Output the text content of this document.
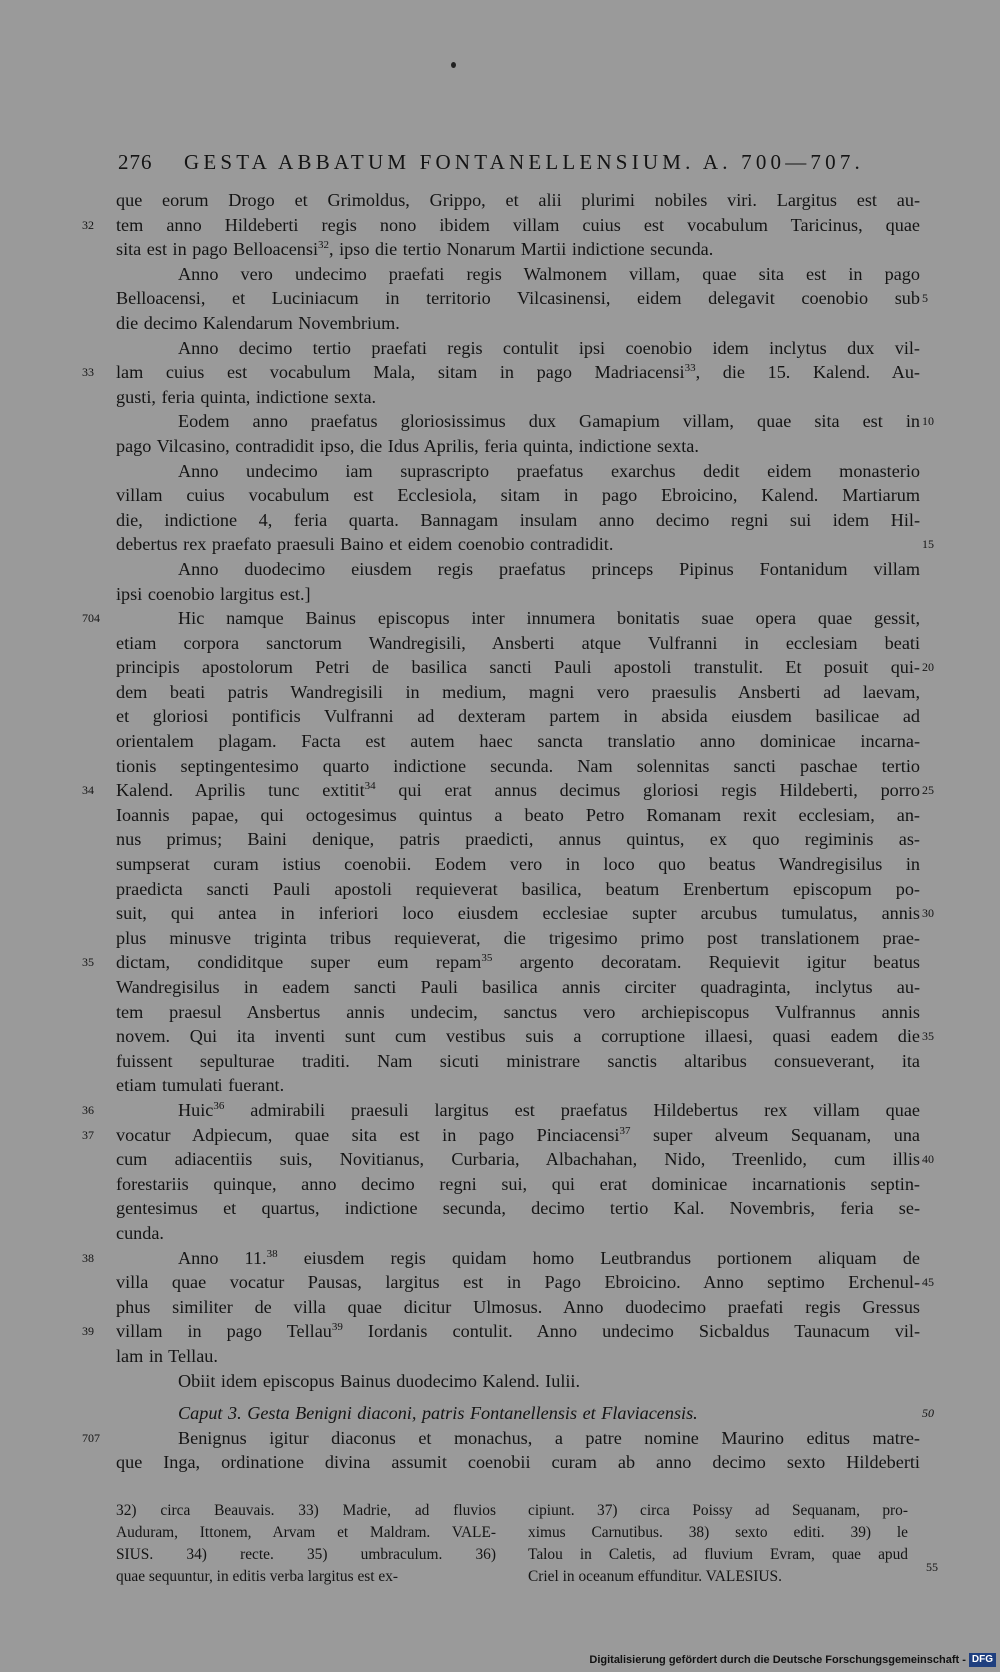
276 GESTA ABBATUM FONTANELLENSIUM. A. 700—707.
que eorum Drogo et Grimoldus, Grippo, et alii plurimi nobiles viri. Largitus est au-
tem anno Hildeberti regis nono ibidem villam cuius est vocabulum Taricinus, quae
32
sita est in pago Belloacensi$^{32}$, ipso die tertio Nonarum Martii indictione secunda.
Anno vero undecimo praefati regis Walmonem villam, quae sita est in pago
Belloacensi, et Luciniacum in territorio Vilcasinensi, eidem delegavit coenobio sub 5
die decimo Kalendarum Novembrium.
Anno decimo tertio praefati regis contulit ipsi coenobio idem inclytus dux vil-
lam cuius est vocabulum Mala, sitam in pago Madriacensi$^{33}$, die 15. Kalend. Au-
33
gusti, feria quinta, indictione sexta.
Eodem anno praefatus gloriosissimus dux Gamapium villam, quae sita est in 10
pago Vilcasino, contradidit ipso, die Idus Aprilis, feria quinta, indictione sexta.
Anno undecimo iam suprascripto praefatus exarchus dedit eidem monasterio
villam cuius vocabulum est Ecclesiola, sitam in pago Ebroicino, Kalend. Martiarum
die, indictione 4, feria quarta. Bannagam insulam anno decimo regni sui idem Hil-
debertus rex praefato praesuli Baino et eidem coenobio contradidit.	15
Anno duodecimo eiusdem regis praefatus princeps Pipinus Fontanidum villam
ipsi coenobio largitus est.]
Hic namque Bainus episcopus inter innumera bonitatis suae opera quae gessit,
704
etiam corpora sanctorum Wandregisili, Ansberti atque Vulfranni in ecclesiam beati
principis apostolorum Petri de basilica sancti Pauli apostoli transtulit. Et posuit qui- 20
dem beati patris Wandregisili in medium, magni vero praesulis Ansberti ad laevam,
et gloriosi pontificis Vulfranni ad dexteram partem in absida eiusdem basilicae ad
orientalem plagam. Facta est autem haec sancta translatio anno dominicae incarna-
tionis septingentesimo quarto indictione secunda. Nam solennitas sancti paschae tertio
Kalend. Aprilis tunc extitit$^{34}$ qui erat annus decimus gloriosi regis Hildeberti, porro
34	25
Ioannis papae, qui octogesimus quintus a beato Petro Romanam rexit ecclesiam, an-
nus primus; Baini denique, patris praedicti, annus quintus, ex quo regiminis as-
sumpserat curam istius coenobii. Eodem vero in loco quo beatus Wandregisilus in
praedicta sancti Pauli apostoli requieverat basilica, beatum Erenbertum episcopum po-
suit, qui antea in inferiori loco eiusdem ecclesiae supter arcubus tumulatus, annis 30
plus minusve triginta tribus requieverat, die trigesimo primo post translationem prae-
dictam, condiditque super eum repam$^{35}$ argento decoratam. Requievit igitur beatus
35
Wandregisilus in eadem sancti Pauli basilica annis circiter quadraginta, inclytus au-
tem praesul Ansbertus annis undecim, sanctus vero archiepiscopus Vulfrannus annis
novem. Qui ita inventi sunt cum vestibus suis a corruptione illaesi, quasi eadem die 35
fuissent sepulturae traditi. Nam sicuti ministrare sanctis altaribus consueverant, ita
etiam tumulati fuerant.
Huic$^{36}$ admirabili praesuli largitus est praefatus Hildebertus rex villam quae
36
vocatur Adpiecum, quae sita est in pago Pinciacensi$^{37}$ super alveum Sequanam, una
37
cum adiacentiis suis, Novitianus, Curbaria, Albachahan, Nido, Treenlido, cum illis 40
forestariis quinque, anno decimo regni sui, qui erat dominicae incarnationis septin-
gentesimus et quartus, indictione secunda, decimo tertio Kal. Novembris, feria se-
cunda.
Anno 11.38 eiusdem regis quidam homo Leutbrandus portionem aliquam de
38
villa quae vocatur Pausas, largitus est in Pago Ebroicino. Anno septimo Erchenul- 45
phus similiter de villa quae dicitur Ulmosus. Anno duodecimo praefati regis Gressus
villam in pago Tellau$^{39}$ Iordanis contulit. Anno undecimo Sicbaldus Taunacum vil-
39
lam in Tellau.
Obiit idem episcopus Bainus duodecimo Kalend. Iulii.
Caput 3. Gesta Benigni diaconi, patris Fontanellensis et Flaviacensis.	50
Benignus igitur diaconus et monachus, a patre nomine Maurino editus matre-
707
que Inga, ordinatione divina assumit coenobii curam ab anno decimo sexto Hildeberti
32) circa Beauvais. 33) Madrie, ad fluvios
Auduram, Ittonem, Arvam et Maldram. VALE-
SIUS. 34) recte. 35) umbraculum. 36)
quae sequuntur, in editis verba largitus est ex-
cipiunt. 37) circa Poissy ad Sequanam, pro-
ximus Carnutibus. 38) sexto editi. 39) le
Talou in Caletis, ad fluvium Evram, quae apud
Criel in oceanum effunditur. VALESIUS.
55
Digitalisierung gefördert durch die Deutsche Forschungsgemeinschaft - DFG
